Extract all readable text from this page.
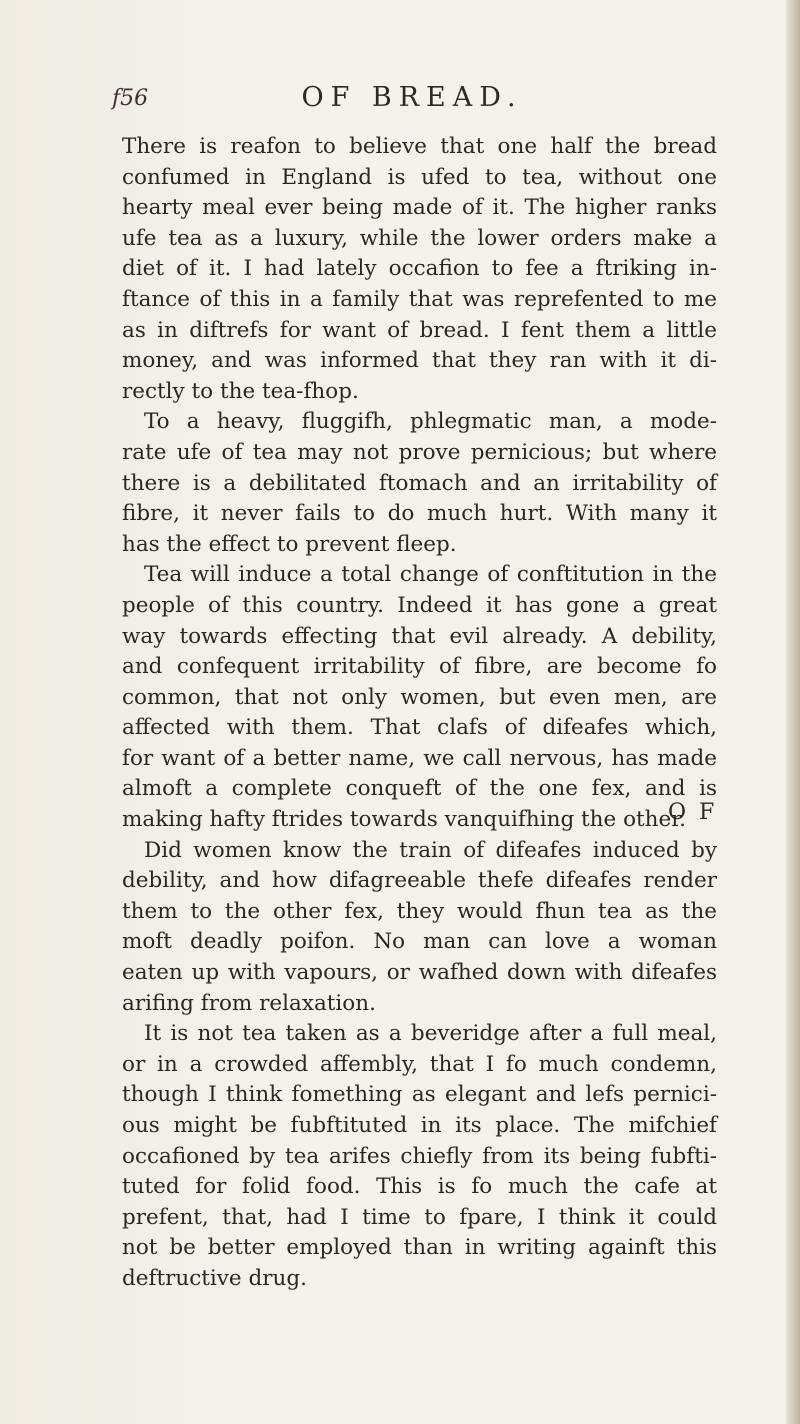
f56	OF BREAD.
There is reafon to believe that one half the bread
confumed in England is ufed to tea, without one
hearty meal ever being made of it. The higher ranks
ufe tea as a luxury, while the lower orders make a
diet of it. I had lately occafion to fee a ftriking in-
ftance of this in a family that was reprefented to me
as in diftrefs for want of bread. I fent them a little
money, and was informed that they ran with it di-
rectly to the tea-fhop.
To a heavy, fluggifh, phlegmatic man, a mode-
rate ufe of tea may not prove pernicious; but where
there is a debilitated ftomach and an irritability of
fibre, it never fails to do much hurt. With many it
has the effect to prevent fleep.
Tea will induce a total change of conftitution in the
people of this country. Indeed it has gone a great
way towards effecting that evil already. A debility,
and confequent irritability of fibre, are become fo
common, that not only women, but even men, are
affected with them. That clafs of difeafes which,
for want of a better name, we call nervous, has made
almoft a complete conqueft of the one fex, and is
making hafty ftrides towards vanquifhing the other.
Did women know the train of difeafes induced by
debility, and how difagreeable thefe difeafes render
them to the other fex, they would fhun tea as the
moft deadly poifon. No man can love a woman
eaten up with vapours, or wafhed down with difeafes
arifing from relaxation.
It is not tea taken as a beveridge after a full meal,
or in a crowded affembly, that I fo much condemn,
though I think fomething as elegant and lefs pernici-
ous might be fubftituted in its place. The mifchief
occafioned by tea arifes chiefly from its being fubfti-
tuted for folid food. This is fo much the cafe at
prefent, that, had I time to fpare, I think it could
not be better employed than in writing againft this
deftructive drug.
O F
